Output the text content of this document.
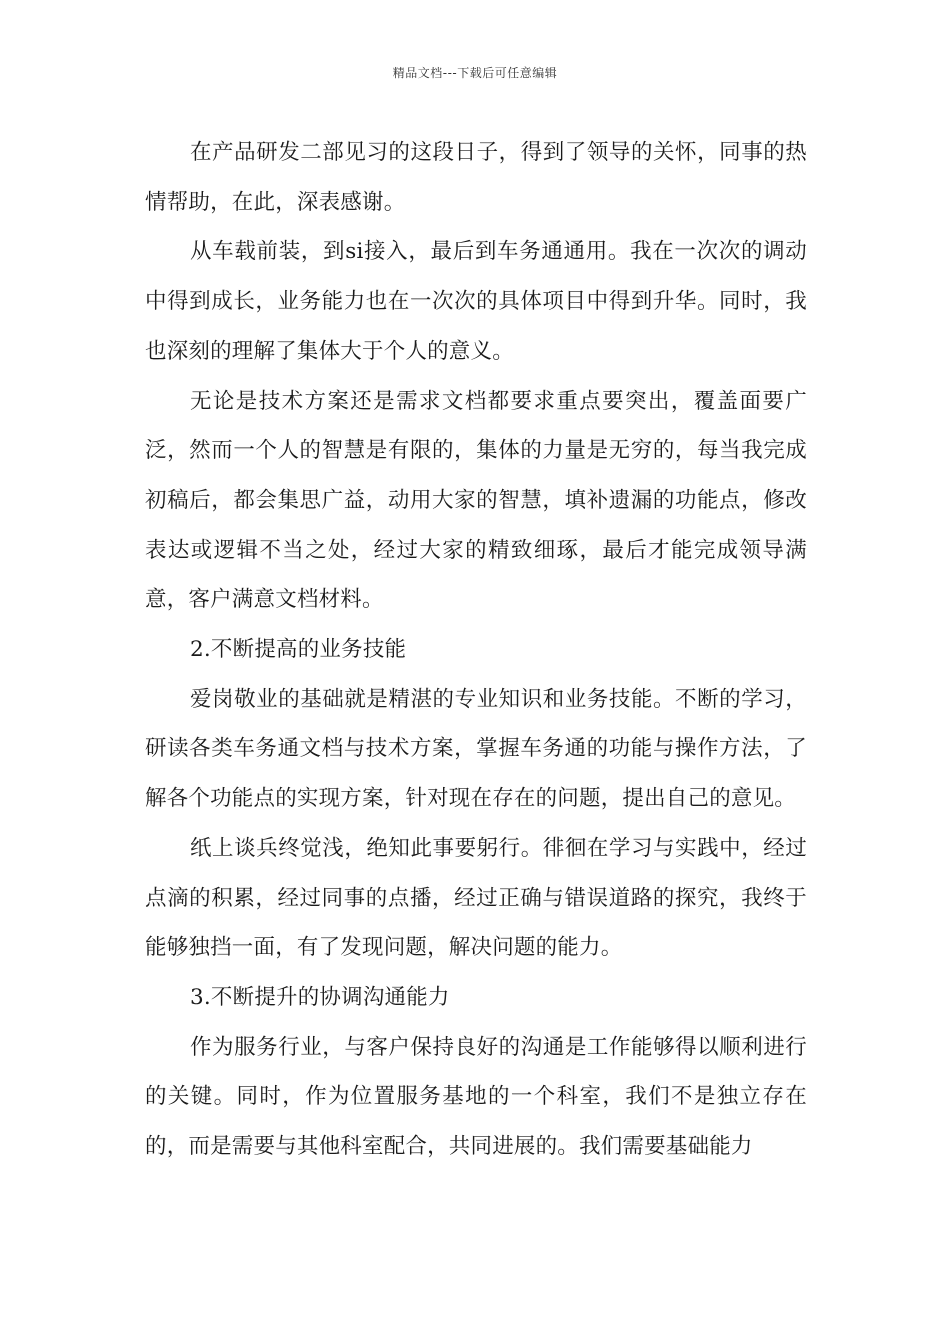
精品文档---下载后可任意编辑

在产品研发二部见习的这段日子，得到了领导的关怀，同事的热情帮助，在此，深表感谢。

从车载前装，到si接入，最后到车务通通用。我在一次次的调动中得到成长，业务能力也在一次次的具体项目中得到升华。同时，我也深刻的理解了集体大于个人的意义。

无论是技术方案还是需求文档都要求重点要突出，覆盖面要广泛，然而一个人的智慧是有限的，集体的力量是无穷的，每当我完成初稿后，都会集思广益，动用大家的智慧，填补遗漏的功能点，修改表达或逻辑不当之处，经过大家的精致细琢，最后才能完成领导满意，客户满意文档材料。

2.不断提高的业务技能

爱岗敬业的基础就是精湛的专业知识和业务技能。不断的学习，研读各类车务通文档与技术方案，掌握车务通的功能与操作方法，了解各个功能点的实现方案，针对现在存在的问题，提出自己的意见。

纸上谈兵终觉浅，绝知此事要躬行。徘徊在学习与实践中，经过点滴的积累，经过同事的点播，经过正确与错误道路的探究，我终于能够独挡一面，有了发现问题，解决问题的能力。

3.不断提升的协调沟通能力

作为服务行业，与客户保持良好的沟通是工作能够得以顺利进行的关键。同时，作为位置服务基地的一个科室，我们不是独立存在的，而是需要与其他科室配合，共同进展的。我们需要基础能力
